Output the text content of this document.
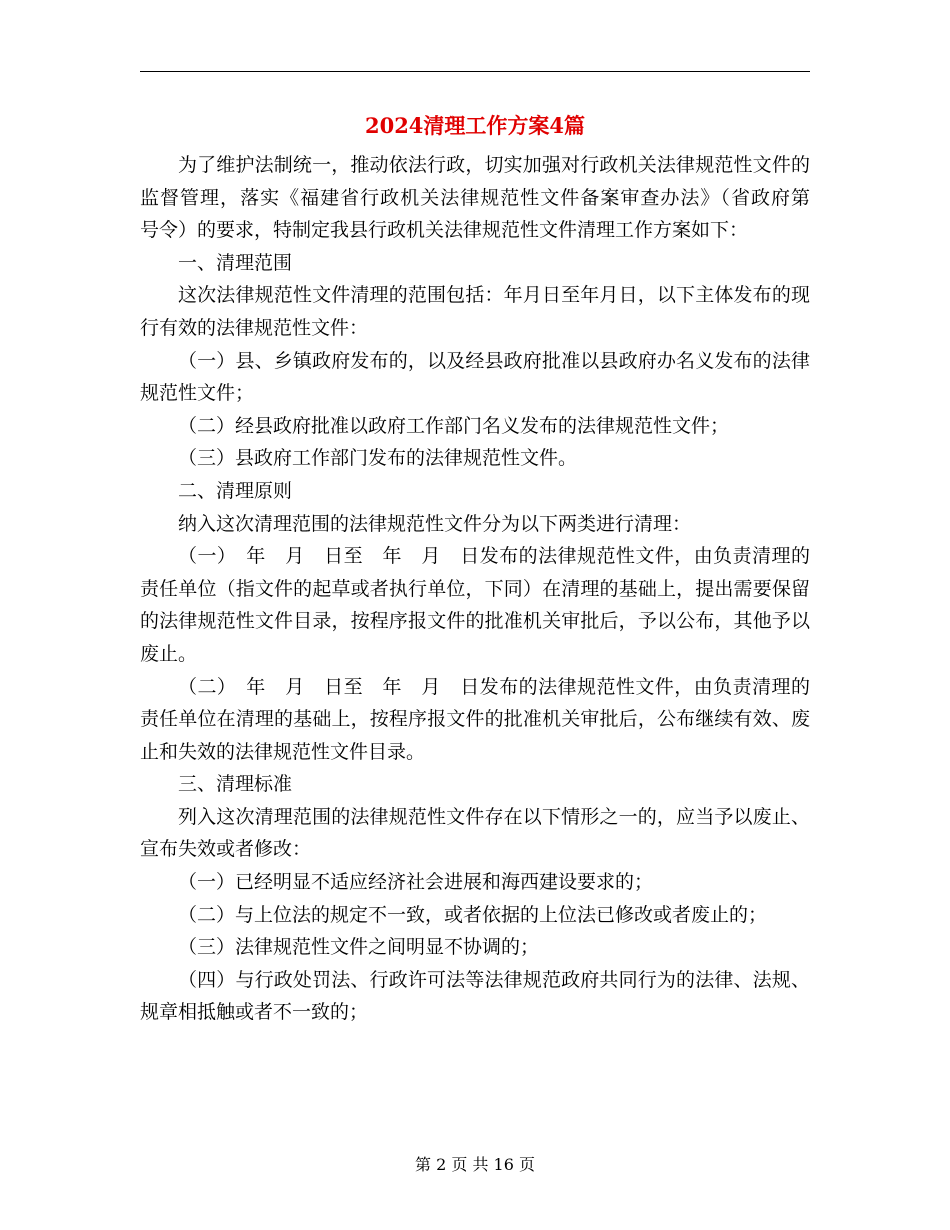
2024清理工作方案4篇

为了维护法制统一，推动依法行政，切实加强对行政机关法律规范性文件的监督管理，落实《福建省行政机关法律规范性文件备案审查办法》（省政府第　号令）的要求，特制定我县行政机关法律规范性文件清理工作方案如下：

一、清理范围

这次法律规范性文件清理的范围包括：年月日至年月日，以下主体发布的现行有效的法律规范性文件：

（一）县、乡镇政府发布的，以及经县政府批准以县政府办名义发布的法律规范性文件；

（二）经县政府批准以政府工作部门名义发布的法律规范性文件；

（三）县政府工作部门发布的法律规范性文件。

二、清理原则

纳入这次清理范围的法律规范性文件分为以下两类进行清理：

（一）　年　月　日至　年　月　日发布的法律规范性文件，由负责清理的责任单位（指文件的起草或者执行单位，下同）在清理的基础上，提出需要保留的法律规范性文件目录，按程序报文件的批准机关审批后，予以公布，其他予以废止。

（二）　年　月　日至　年　月　日发布的法律规范性文件，由负责清理的责任单位在清理的基础上，按程序报文件的批准机关审批后，公布继续有效、废止和失效的法律规范性文件目录。

三、清理标准

列入这次清理范围的法律规范性文件存在以下情形之一的，应当予以废止、宣布失效或者修改：

（一）已经明显不适应经济社会进展和海西建设要求的；

（二）与上位法的规定不一致，或者依据的上位法已修改或者废止的；

（三）法律规范性文件之间明显不协调的；

（四）与行政处罚法、行政许可法等法律规范政府共同行为的法律、法规、规章相抵触或者不一致的；

第 2 页 共 16 页
